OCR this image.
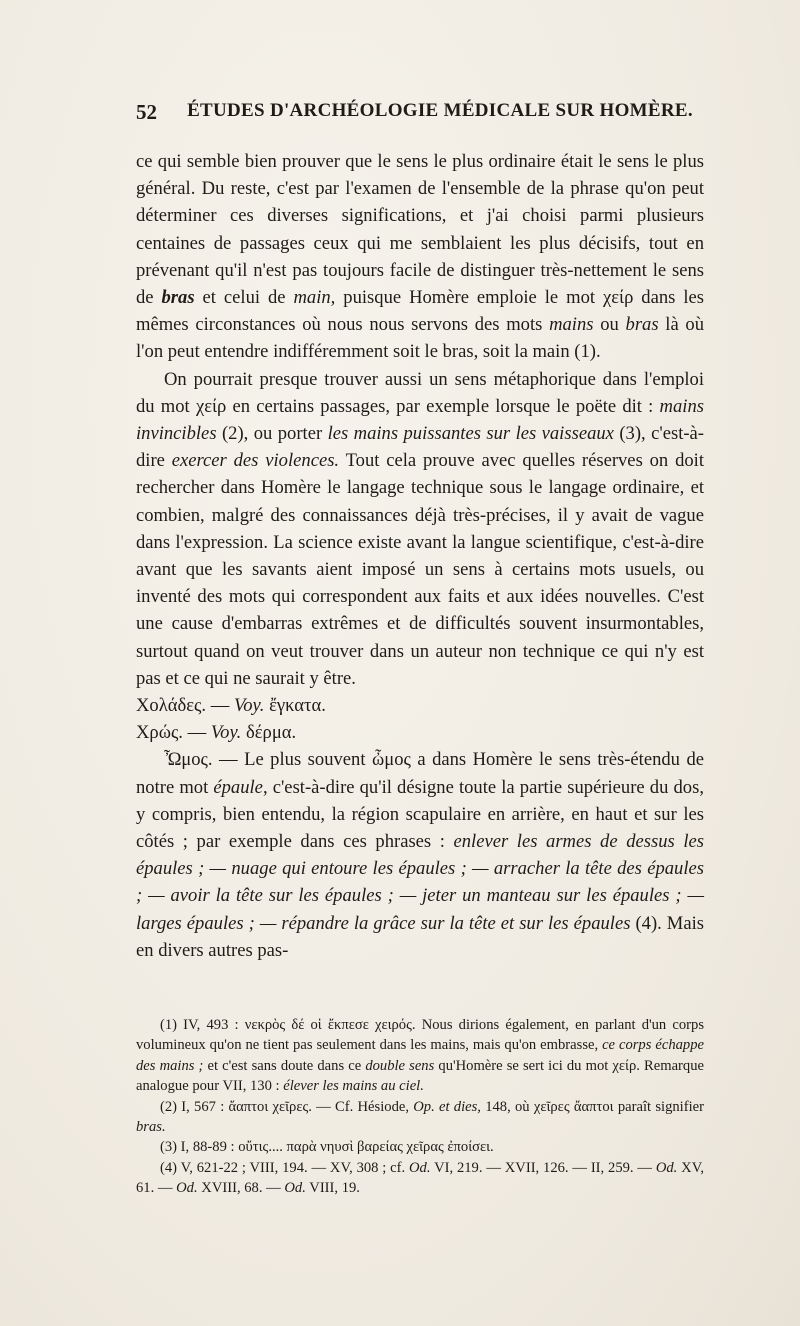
52	ÉTUDES D'ARCHÉOLOGIE MÉDICALE SUR HOMÈRE.

ce qui semble bien prouver que le sens le plus ordinaire était le sens le plus général. Du reste, c'est par l'examen de l'ensemble de la phrase qu'on peut déterminer ces diverses significations, et j'ai choisi parmi plusieurs centaines de passages ceux qui me semblaient les plus décisifs, tout en prévenant qu'il n'est pas toujours facile de distinguer très-nettement le sens de bras et celui de main, puisque Homère emploie le mot χείρ dans les mêmes circonstances où nous nous servons des mots mains ou bras là où l'on peut entendre indifféremment soit le bras, soit la main (1).

On pourrait presque trouver aussi un sens métaphorique dans l'emploi du mot χείρ en certains passages, par exemple lorsque le poëte dit : mains invincibles (2), ou porter les mains puissantes sur les vaisseaux (3), c'est-à-dire exercer des violences. Tout cela prouve avec quelles réserves on doit rechercher dans Homère le langage technique sous le langage ordinaire, et combien, malgré des connaissances déjà très-précises, il y avait de vague dans l'expression. La science existe avant la langue scientifique, c'est-à-dire avant que les savants aient imposé un sens à certains mots usuels, ou inventé des mots qui correspondent aux faits et aux idées nouvelles. C'est une cause d'embarras extrêmes et de difficultés souvent insurmontables, surtout quand on veut trouver dans un auteur non technique ce qui n'y est pas et ce qui ne saurait y être.

Χολάδες. — Voy. ἔγκατα.

Χρώς. — Voy. δέρμα.

Ὦμος. — Le plus souvent ὦμος a dans Homère le sens très-étendu de notre mot épaule, c'est-à-dire qu'il désigne toute la partie supérieure du dos, y compris, bien entendu, la région scapulaire en arrière, en haut et sur les côtés ; par exemple dans ces phrases : enlever les armes de dessus les épaules ; — nuage qui entoure les épaules ; — arracher la tête des épaules ; — avoir la tête sur les épaules ; — jeter un manteau sur les épaules ; — larges épaules ; — répandre la grâce sur la tête et sur les épaules (4). Mais en divers autres pas-

(1) IV, 493 : νεκρὸς δέ οἱ ἔκπεσε χειρός. Nous dirions également, en parlant d'un corps volumineux qu'on ne tient pas seulement dans les mains, mais qu'on embrasse, ce corps échappe des mains ; et c'est sans doute dans ce double sens qu'Homère se sert ici du mot χείρ. Remarque analogue pour VII, 130 : élever les mains au ciel.

(2) I, 567 : ἄαπτοι χεῖρες. — Cf. Hésiode, Op. et dies, 148, où χεῖρες ἄαπτοι paraît signifier bras.

(3) I, 88-89 : οὔτις.... παρὰ νηυσὶ βαρείας χεῖρας ἐποίσει.

(4) V, 621-22 ; VIII, 194. — XV, 308 ; cf. Od. VI, 219. — XVII, 126. — II, 259. — Od. XV, 61. — Od. XVIII, 68. — Od. VIII, 19.
